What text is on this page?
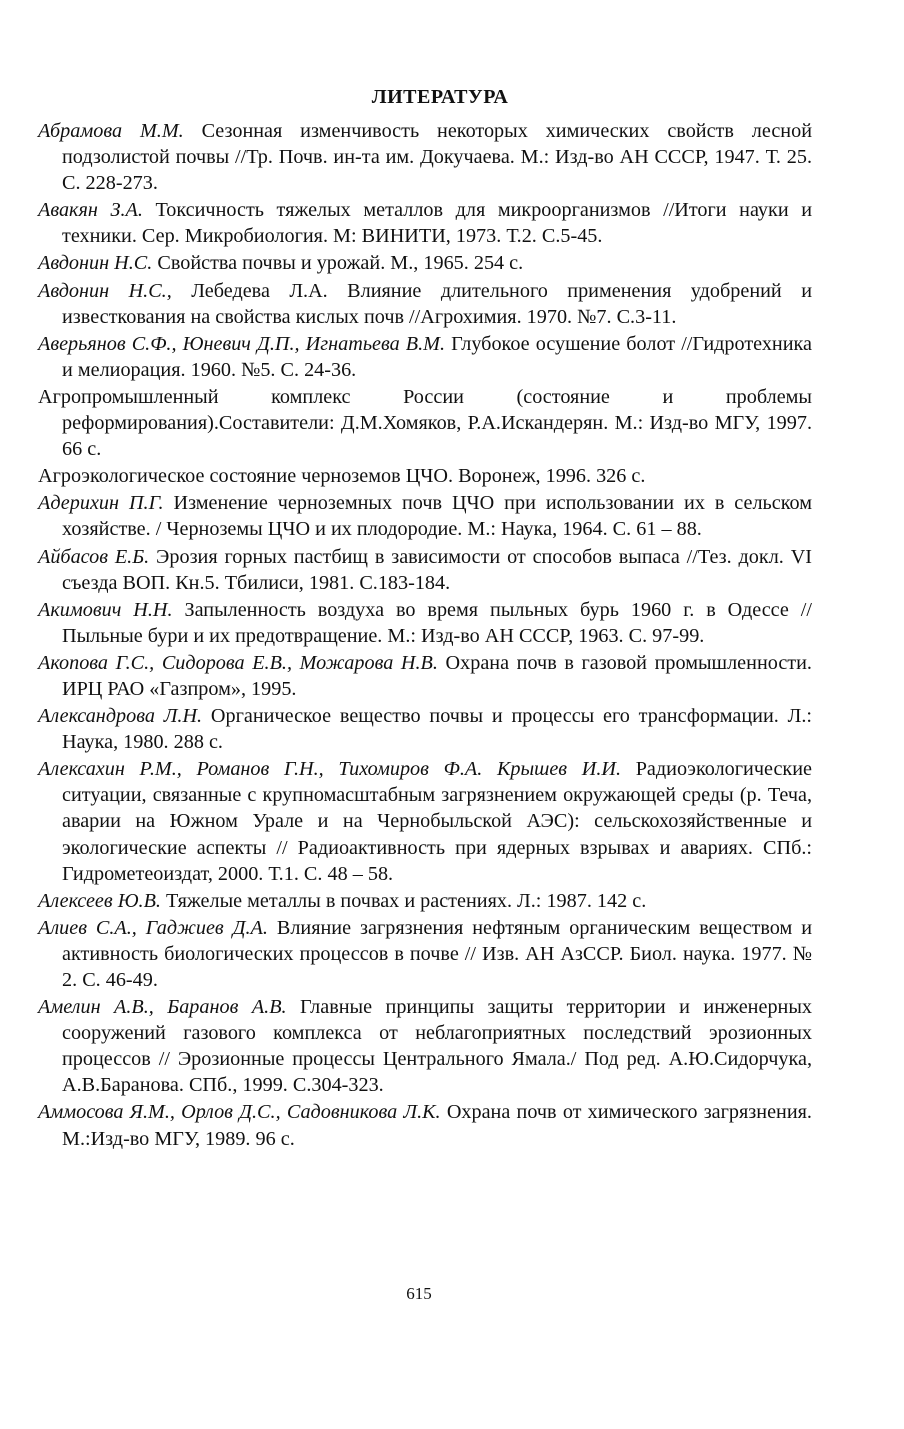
ЛИТЕРАТУРА
Абрамова М.М. Сезонная изменчивость некоторых химических свойств лесной подзолистой почвы //Тр. Почв. ин-та им. Докучаева. М.: Изд-во АН СССР, 1947. Т. 25. С. 228-273.
Авакян З.А. Токсичность тяжелых металлов для микроорганизмов //Итоги науки и техники. Сер. Микробиология. М: ВИНИТИ, 1973. Т.2. С.5-45.
Авдонин Н.С. Свойства почвы и урожай. М., 1965. 254 с.
Авдонин Н.С., Лебедева Л.А. Влияние длительного применения удобрений и известкования на свойства кислых почв //Агрохимия. 1970. №7. С.3-11.
Аверьянов С.Ф., Юневич Д.П., Игнатьева В.М. Глубокое осушение болот //Гидротехника и мелиорация. 1960. №5. С. 24-36.
Агропромышленный комплекс России (состояние и проблемы реформирования).Составители: Д.М.Хомяков, Р.А.Искандерян. М.: Изд-во МГУ, 1997. 66 с.
Агроэкологическое состояние черноземов ЦЧО. Воронеж, 1996. 326 с.
Адерихин П.Г. Изменение черноземных почв ЦЧО при использовании их в сельском хозяйстве. / Черноземы ЦЧО и их плодородие. М.: Наука, 1964. С. 61 – 88.
Айбасов Е.Б. Эрозия горных пастбищ в зависимости от способов выпаса //Тез. докл. VI съезда ВОП. Кн.5. Тбилиси, 1981. С.183-184.
Акимович Н.Н. Запыленность воздуха во время пыльных бурь 1960 г. в Одессе // Пыльные бури и их предотвращение. М.: Изд-во АН СССР, 1963. С. 97-99.
Акопова Г.С., Сидорова Е.В., Можарова Н.В. Охрана почв в газовой промышленности. ИРЦ РАО «Газпром», 1995.
Александрова Л.Н. Органическое вещество почвы и процессы его трансформации. Л.: Наука, 1980. 288 с.
Алексахин Р.М., Романов Г.Н., Тихомиров Ф.А. Крышев И.И. Радиоэкологические ситуации, связанные с крупномасштабным загрязнением окружающей среды (р. Теча, аварии на Южном Урале и на Чернобыльской АЭС): сельскохозяйственные и экологические аспекты // Радиоактивность при ядерных взрывах и авариях. СПб.: Гидрометеоиздат, 2000. Т.1. С. 48 – 58.
Алексеев Ю.В. Тяжелые металлы в почвах и растениях. Л.: 1987. 142 с.
Алиев С.А., Гаджиев Д.А. Влияние загрязнения нефтяным органическим веществом и активность биологических процессов в почве // Изв. АН АзССР. Биол. наука. 1977. № 2. С. 46-49.
Амелин А.В., Баранов А.В. Главные принципы защиты территории и инженерных сооружений газового комплекса от неблагоприятных последствий эрозионных процессов // Эрозионные процессы Центрального Ямала./ Под ред. А.Ю.Сидорчука, А.В.Баранова. СПб., 1999. С.304-323.
Аммосова Я.М., Орлов Д.С., Садовникова Л.К. Охрана почв от химического загрязнения. М.:Изд-во МГУ, 1989. 96 с.

615
